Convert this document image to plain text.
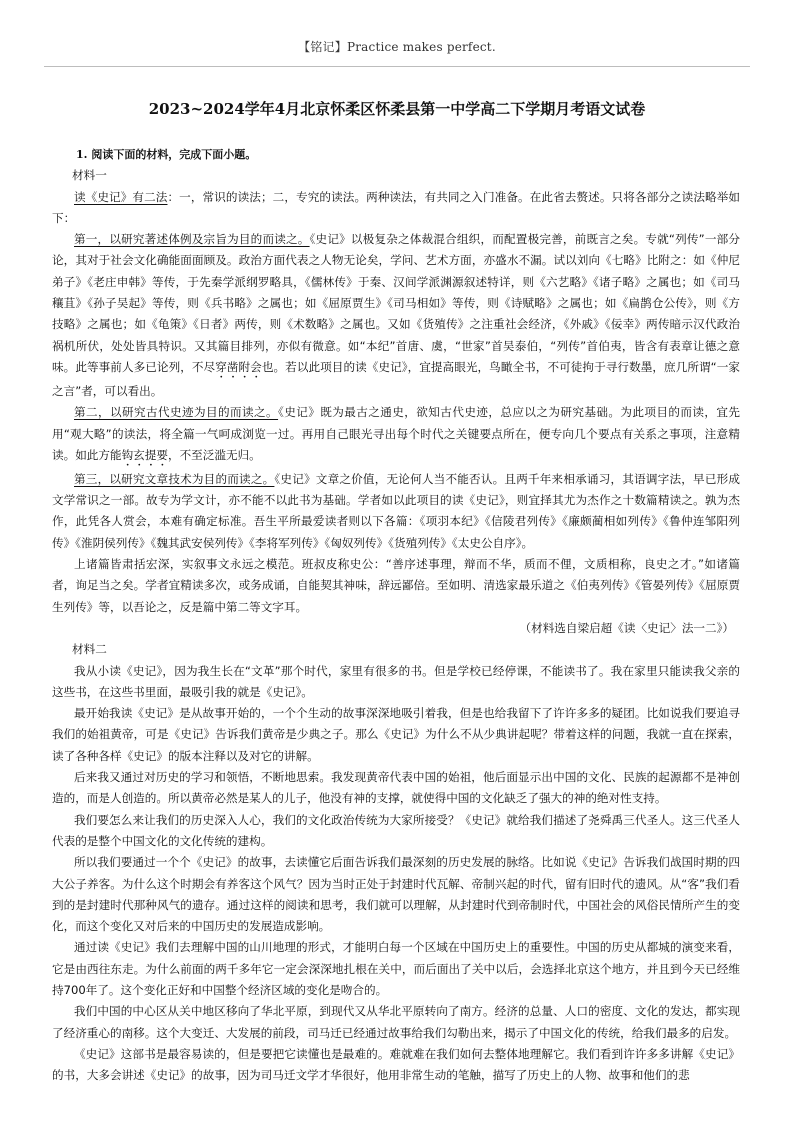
【铭记】Practice makes perfect.
2023~2024学年4月北京怀柔区怀柔县第一中学高二下学期月考语文试卷
1. 阅读下面的材料，完成下面小题。
材料一

读《史记》有二法：一，常识的读法；二，专究的读法。两种读法，有共同之入门准备。在此省去赘述。只将各部分之读法略举如下：

第一，以研究著述体例及宗旨为目的而读之。《史记》以极复杂之体裁混合组织，而配置极完善，前既言之矣。专就“列传”一部分论，其对于社会文化确能面面顾及。政治方面代表之人物无论矣，学问、艺术方面，亦盛水不漏。试以刘向《七略》比附之：如《仲尼弟子》《老庄申韩》等传，于先秦学派纲罗略具，《儒林传》于秦、汉间学派渊源叙述特详，则《六艺略》《诸子略》之属也；如《司马穰苴》《孙子吴起》等传，则《兵书略》之属也；如《屈原贾生》《司马相如》等传，则《诗赋略》之属也；如《扁鹊仓公传》，则《方技略》之属也；如《龟策》《日者》两传，则《术数略》之属也。又如《货殖传》之注重社会经济，《外戚》《佞幸》两传暗示汉代政治祸机所伏，处处皆具特识。又其篇目排列，亦似有微意。如“本纪”首唐、虞，“世家”首吴泰伯，“列传”首伯夷，皆含有表章让德之意味。此等事前人多已论列，不尽穿凿附会也。若以此项目的读《史记》，宜提高眼光，鸟瞰全书，不可徒拘于寻行数墨，庶几所谓“一家之言”者，可以看出。

第二，以研究古代史迹为目的而读之。《史记》既为最古之通史，欲知古代史迹，总应以之为研究基础。为此项目的而读，宜先用“观大略”的读法，将全篇一气呵成浏览一过。再用自己眼光寻出每个时代之关键要点所在，便专向几个要点有关系之事项，注意精读。如此方能钩玄提要，不至泛滥无归。

第三，以研究文章技术为目的而读之。《史记》文章之价值，无论何人当不能否认。且两千年来相承诵习，其语调字法，早已形成文学常识之一部。故专为学文计，亦不能不以此书为基础。学者如以此项目的读《史记》，则宜择其尤为杰作之十数篇精读之。孰为杰作，此凭各人赏会，本难有确定标准。吾生平所最爱读者则以下各篇：《项羽本纪》《信陵君列传》《廉颇蔺相如列传》《鲁仲连邹阳列传》《淮阴侯列传》《魏其武安侯列传》《李将军列传》《匈奴列传》《货殖列传》《太史公自序》。

上诸篇皆肃括宏深，实叙事文永远之模范。班叔皮称史公：“善序述事理，辩而不华，质而不俚，文质相称，良史之才。”如诸篇者，询足当之矣。学者宜精读多次，或务成诵，自能契其神味，辞远鄙倍。至如明、清选家最乐道之《伯夷列传》《管晏列传》《屈原贾生列传》等，以吾论之，反是篇中第二等文字耳。

（材料选自梁启超《读〈史记〉法一二》）

材料二

我从小读《史记》，因为我生长在“文革”那个时代，家里有很多的书。但是学校已经停课，不能读书了。我在家里只能读我父亲的这些书，在这些书里面，最吸引我的就是《史记》。

最开始我读《史记》是从故事开始的，一个个生动的故事深深地吸引着我，但是也给我留下了许许多多的疑团。比如说我们要追寻我们的始祖黄帝，可是《史记》告诉我们黄帝是少典之子。那么《史记》为什么不从少典讲起呢？带着这样的问题，我就一直在探索，读了各种各样《史记》的版本注释以及对它的讲解。

后来我又通过对历史的学习和领悟，不断地思索。我发现黄帝代表中国的始祖，他后面显示出中国的文化、民族的起源都不是神创造的，而是人创造的。所以黄帝必然是某人的儿子，他没有神的支撑，就使得中国的文化缺乏了强大的神的绝对性支持。

我们要怎么来让我们的历史深入人心，我们的文化政治传统为大家所接受？《史记》就给我们描述了尧舜禹三代圣人。这三代圣人代表的是整个中国文化的文化传统的建构。

所以我们要通过一个个《史记》的故事，去读懂它后面告诉我们最深刻的历史发展的脉络。比如说《史记》告诉我们战国时期的四大公子养客。为什么这个时期会有养客这个风气？因为当时正处于封建时代瓦解、帝制兴起的时代，留有旧时代的遗风。从“客”我们看到的是封建时代那种风气的遗存。通过这样的阅读和思考，我们就可以理解，从封建时代到帝制时代，中国社会的风俗民情所产生的变化，而这个变化又对后来的中国历史的发展造成影响。

通过读《史记》我们去理解中国的山川地理的形式，才能明白每一个区域在中国历史上的重要性。中国的历史从都城的演变来看，它是由西往东走。为什么前面的两千多年它一定会深深地扎根在关中，而后面出了关中以后，会选择北京这个地方，并且到今天已经维持700年了。这个变化正好和中国整个经济区域的变化是吻合的。

我们中国的中心区从关中地区移向了华北平原，到现代又从华北平原转向了南方。经济的总量、人口的密度、文化的发达，都实现了经济重心的南移。这个大变迁、大发展的前段，司马迁已经通过故事给我们勾勒出来，揭示了中国文化的传统，给我们最多的启发。

《史记》这部书是最容易读的，但是要把它读懂也是最难的。难就难在我们如何去整体地理解它。我们看到许许多多讲解《史记》的书，大多会讲述《史记》的故事，因为司马迁文学才华很好，他用非常生动的笔触，描写了历史上的人物、故事和他们的悲
